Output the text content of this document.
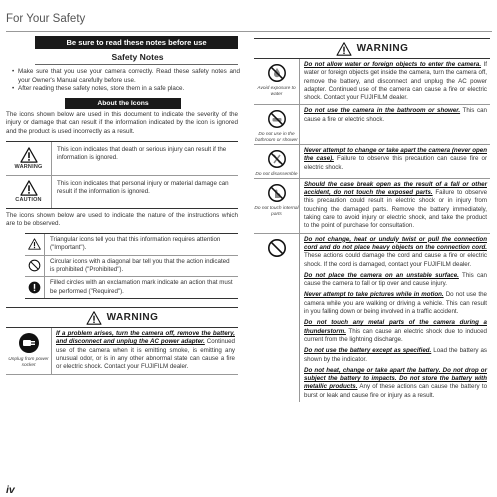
For Your Safety
Be sure to read these notes before use
Safety Notes
• Make sure that you use your camera correctly. Read these safety notes and your Owner's Manual carefully before use.
• After reading these safety notes, store them in a safe place.
About the Icons

The icons shown below are used in this document to indicate the severity of the injury or damage that can result if the information indicated by the icon is ignored and the product is used incorrectly as a result.

WARNING
This icon indicates that death or serious injury can result if the information is ignored.
CAUTION
This icon indicates that personal injury or material damage can result if the information is ignored.

The icons shown below are used to indicate the nature of the instructions which are to be observed.

Triangular icons tell you that this information requires attention ("Important").
Circular icons with a diagonal bar tell you that the action indicated is prohibited ("Prohibited").
Filled circles with an exclamation mark indicate an action that must be performed ("Required").
WARNING
Unplug from power socket
If a problem arises, turn the camera off, remove the battery, and disconnect and unplug the AC power adapter. Continued use of the camera when it is emitting smoke, is emitting any unusual odor, or is in any other abnormal state can cause a fire or electric shock. Contact your FUJIFILM dealer.
WARNING
Avoid exposure to water
Do not allow water or foreign objects to enter the camera. If water or foreign objects get inside the camera, turn the camera off, remove the battery, and disconnect and unplug the AC power adapter. Continued use of the camera can cause a fire or electric shock. Contact your FUJIFILM dealer.
Do not use in the bathroom or shower
Do not use the camera in the bathroom or shower. This can cause a fire or electric shock.
Do not disassemble
Never attempt to change or take apart the camera (never open the case). Failure to observe this precaution can cause fire or electric shock.
Do not touch internal parts
Should the case break open as the result of a fall or other accident, do not touch the exposed parts. Failure to observe this precaution could result in electric shock or in injury from touching the damaged parts. Remove the battery immediately, taking care to avoid injury or electric shock, and take the product to the point of purchase for consultation.
Do not change, heat or unduly twist or pull the connection cord and do not place heavy objects on the connection cord. These actions could damage the cord and cause a fire or electric shock. If the cord is damaged, contact your FUJIFILM dealer.
Do not place the camera on an unstable surface. This can cause the camera to fall or tip over and cause injury.
Never attempt to take pictures while in motion. Do not use the camera while you are walking or driving a vehicle. This can result in you falling down or being involved in a traffic accident.
Do not touch any metal parts of the camera during a thunderstorm. This can cause an electric shock due to induced current from the lightning discharge.
Do not use the battery except as specified. Load the battery as shown by the indicator.
Do not heat, change or take apart the battery. Do not drop or subject the battery to impacts. Do not store the battery with metallic products. Any of these actions can cause the battery to burst or leak and cause fire or injury as a result.
iv
